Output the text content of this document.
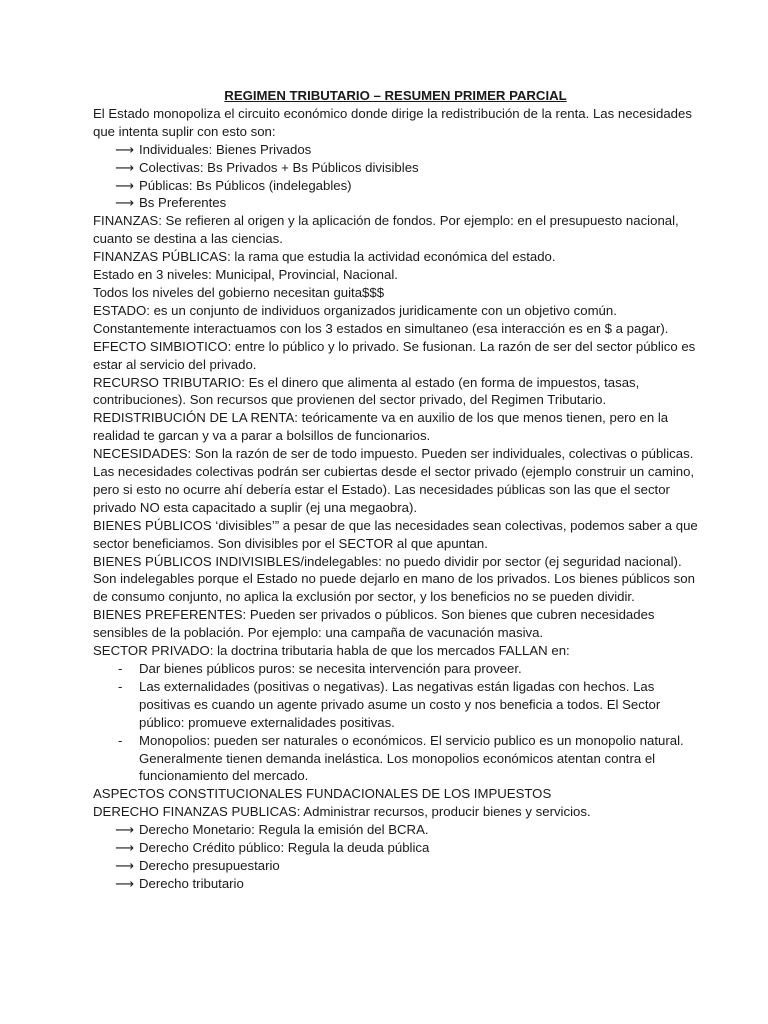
REGIMEN TRIBUTARIO – RESUMEN PRIMER PARCIAL

El Estado monopoliza el circuito económico donde dirige la redistribución de la renta. Las necesidades que intenta suplir con esto son:

⟶ Individuales: Bienes Privados
⟶ Colectivas: Bs Privados + Bs Públicos divisibles
⟶ Públicas: Bs Públicos (indelegables)
⟶ Bs Preferentes

FINANZAS: Se refieren al origen y la aplicación de fondos. Por ejemplo: en el presupuesto nacional, cuanto se destina a las ciencias.

FINANZAS PÚBLICAS: la rama que estudia la actividad económica del estado.

Estado en 3 niveles: Municipal, Provincial, Nacional.

Todos los niveles del gobierno necesitan guita$$$

ESTADO: es un conjunto de individuos organizados juridicamente con un objetivo común. Constantemente interactuamos con los 3 estados en simultaneo (esa interacción es en $ a pagar).

EFECTO SIMBIOTICO: entre lo público y lo privado. Se fusionan. La razón de ser del sector público es estar al servicio del privado.

RECURSO TRIBUTARIO: Es el dinero que alimenta al estado (en forma de impuestos, tasas, contribuciones). Son recursos que provienen del sector privado, del Regimen Tributario.

REDISTRIBUCIÓN DE LA RENTA: teóricamente va en auxilio de los que menos tienen, pero en la realidad te garcan y va a parar a bolsillos de funcionarios.

NECESIDADES: Son la razón de ser de todo impuesto. Pueden ser individuales, colectivas o públicas. Las necesidades colectivas podrán ser cubiertas desde el sector privado (ejemplo construir un camino, pero si esto no ocurre ahí debería estar el Estado). Las necesidades públicas son las que el sector privado NO esta capacitado a suplir (ej una megaobra).

BIENES PÚBLICOS ‘divisibles’” a pesar de que las necesidades sean colectivas, podemos saber a que sector beneficiamos. Son divisibles por el SECTOR al que apuntan.

BIENES PÚBLICOS INDIVISIBLES/indelegables: no puedo dividir por sector (ej seguridad nacional). Son indelegables porque el Estado no puede dejarlo en mano de los privados. Los bienes públicos son de consumo conjunto, no aplica la exclusión por sector, y los beneficios no se pueden dividir.

BIENES PREFERENTES: Pueden ser privados o públicos. Son bienes que cubren necesidades sensibles de la población. Por ejemplo: una campaña de vacunación masiva.

SECTOR PRIVADO: la doctrina tributaria habla de que los mercados FALLAN en:

- Dar bienes públicos puros: se necesita intervención para proveer.
- Las externalidades (positivas o negativas). Las negativas están ligadas con hechos. Las positivas es cuando un agente privado asume un costo y nos beneficia a todos. El Sector público: promueve externalidades positivas.
- Monopolios: pueden ser naturales o económicos. El servicio publico es un monopolio natural. Generalmente tienen demanda inelástica. Los monopolios económicos atentan contra el funcionamiento del mercado.

ASPECTOS CONSTITUCIONALES FUNDACIONALES DE LOS IMPUESTOS

DERECHO FINANZAS PUBLICAS: Administrar recursos, producir bienes y servicios.

⟶ Derecho Monetario: Regula la emisión del BCRA.
⟶ Derecho Crédito público: Regula la deuda pública
⟶ Derecho presupuestario
⟶ Derecho tributario
